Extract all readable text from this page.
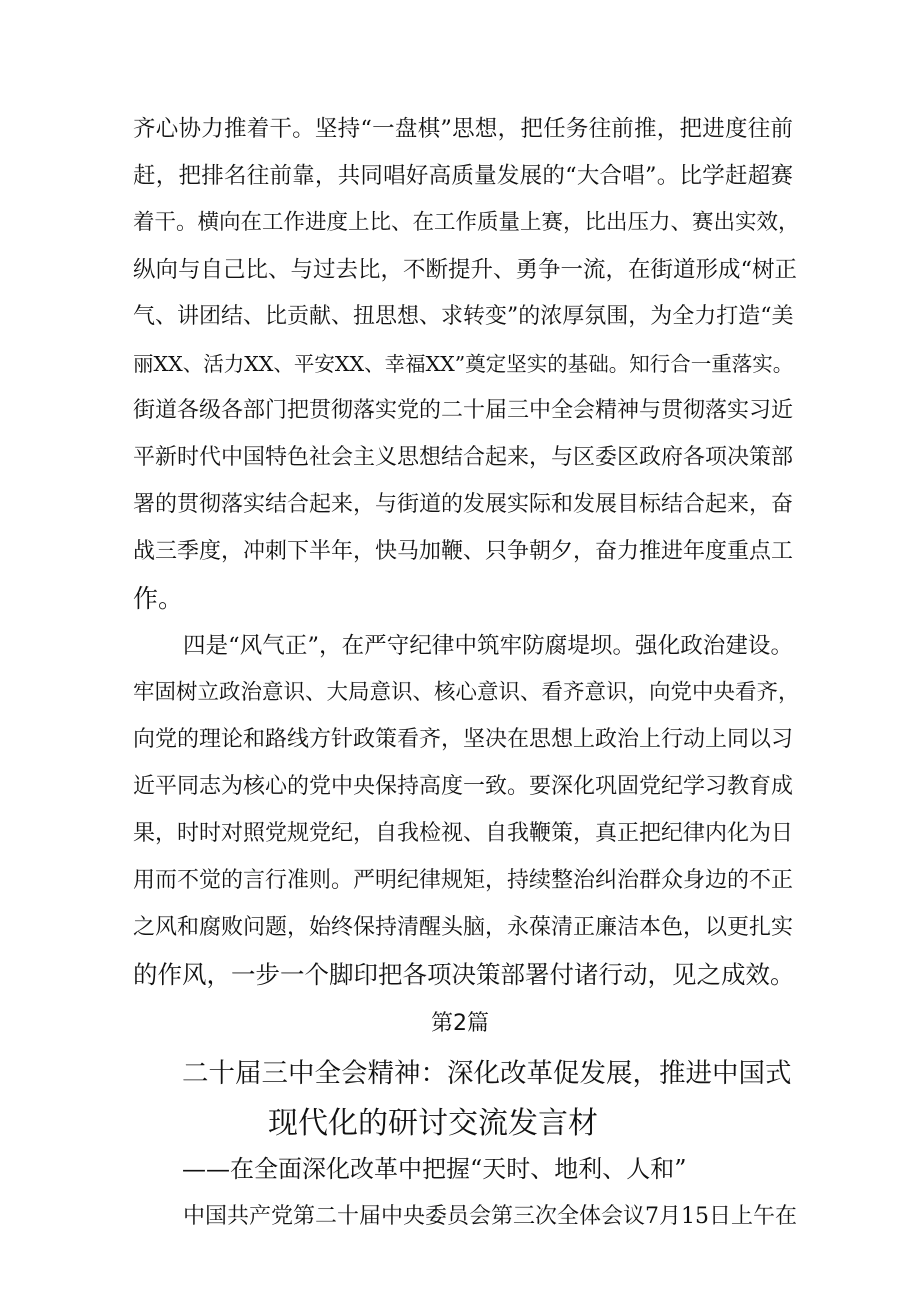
齐心协力推着干。坚持“一盘棋”思想，把任务往前推，把进度往前
赶，把排名往前靠，共同唱好高质量发展的“大合唱”。比学赶超赛
着干。横向在工作进度上比、在工作质量上赛，比出压力、赛出实效，
纵向与自己比、与过去比，不断提升、勇争一流，在街道形成“树正
气、讲团结、比贡献、扭思想、求转变”的浓厚氛围，为全力打造“美
丽XX、活力XX、平安XX、幸福XX”奠定坚实的基础。知行合一重落实。
街道各级各部门把贯彻落实党的二十届三中全会精神与贯彻落实习近
平新时代中国特色社会主义思想结合起来，与区委区政府各项决策部
署的贯彻落实结合起来，与街道的发展实际和发展目标结合起来，奋
战三季度，冲刺下半年，快马加鞭、只争朝夕，奋力推进年度重点工
作。
四是“风气正”，在严守纪律中筑牢防腐堤坝。强化政治建设。
牢固树立政治意识、大局意识、核心意识、看齐意识，向党中央看齐，
向党的理论和路线方针政策看齐，坚决在思想上政治上行动上同以习
近平同志为核心的党中央保持高度一致。要深化巩固党纪学习教育成
果，时时对照党规党纪，自我检视、自我鞭策，真正把纪律内化为日
用而不觉的言行准则。严明纪律规矩，持续整治纠治群众身边的不正
之风和腐败问题，始终保持清醒头脑，永葆清正廉洁本色，以更扎实
的作风，一步一个脚印把各项决策部署付诸行动，见之成效。
第2篇
二十届三中全会精神：深化改革促发展，推进中国式
现代化的研讨交流发言材
——在全面深化改革中把握“天时、地利、人和”
中国共产党第二十届中央委员会第三次全体会议7月15日上午在
